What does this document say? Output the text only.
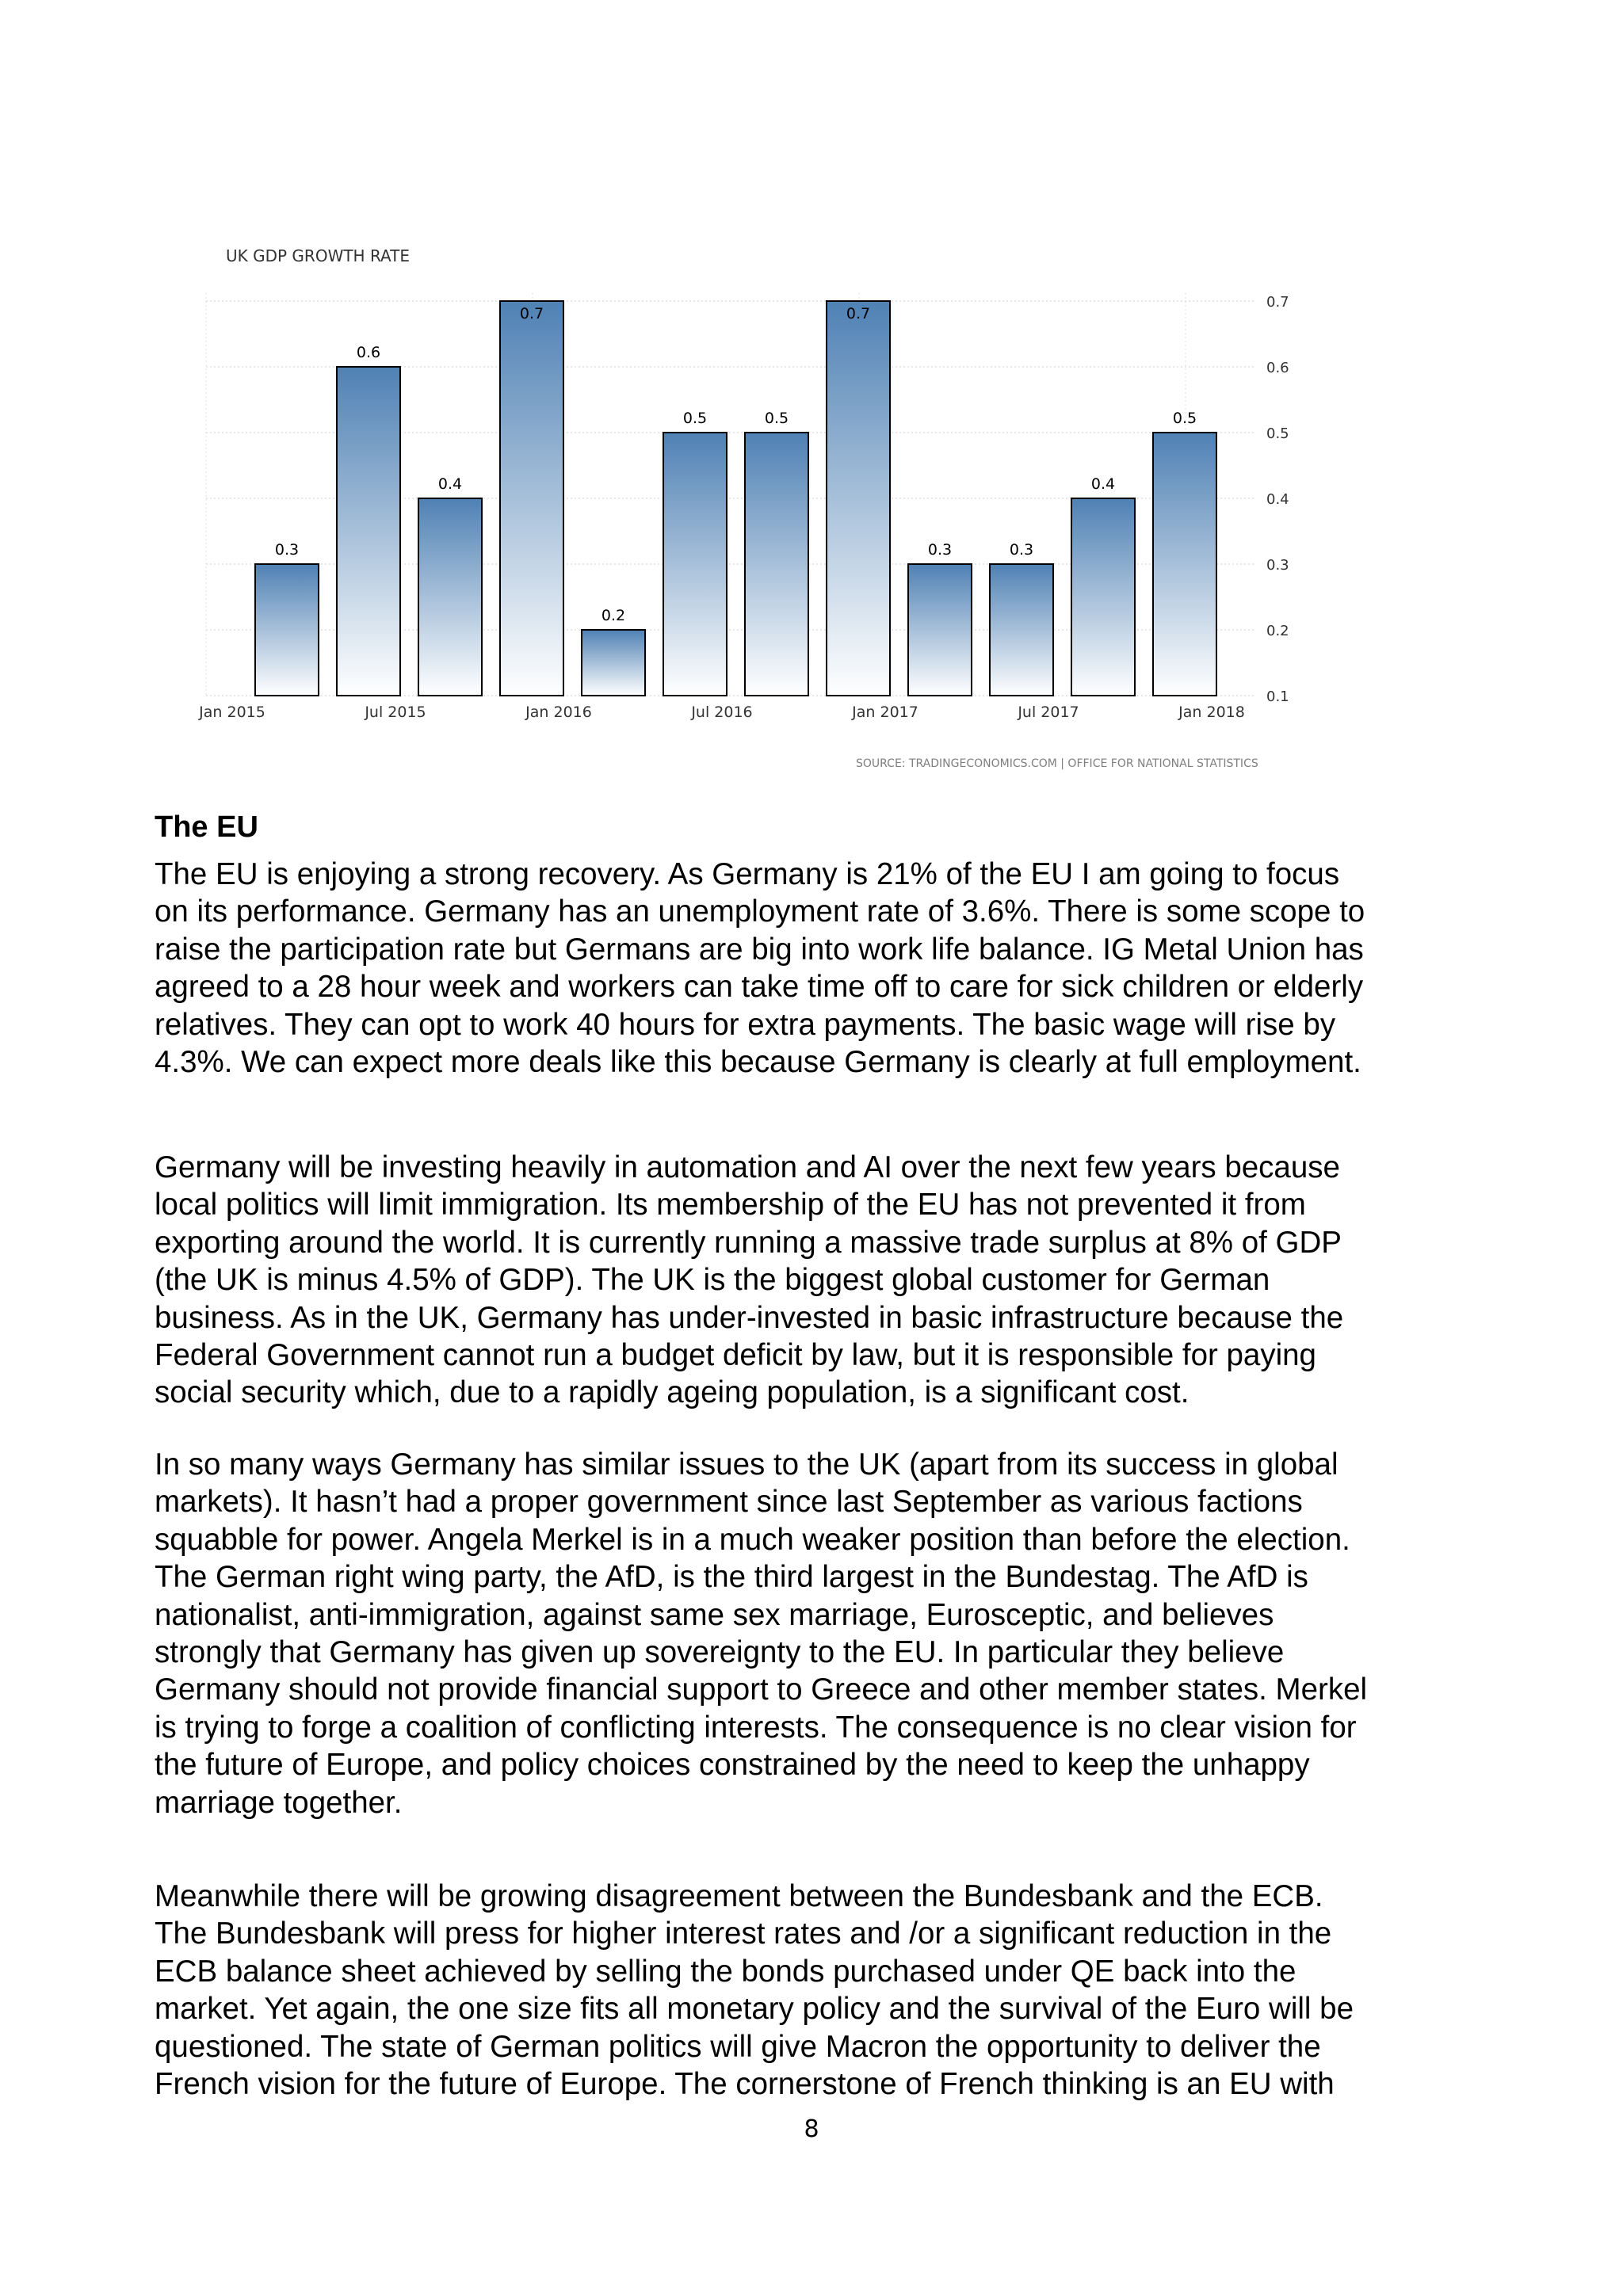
UK GDP GROWTH RATE
0.1
0.2
0.3
0.4
0.5
0.6
0.7
0.3
0.6
0.4
0.7
0.2
0.5	0.5
0.7
0.3	0.3
0.4
0.5
Jan 2015	Jul 2015	Jan 2016	Jul 2016	Jan 2017	Jul 2017	Jan 2018
SOURCE: TRADINGECONOMICS.COM | OFFICE FOR NATIONAL STATISTICS
The EU

The EU is enjoying a strong recovery. As Germany is 21% of the EU I am going to focus
on its performance. Germany has an unemployment rate of 3.6%. There is some scope to
raise the participation rate but Germans are big into work life balance. IG Metal Union has
agreed to a 28 hour week and workers can take time off to care for sick children or elderly
relatives. They can opt to work 40 hours for extra payments. The basic wage will rise by
4.3%. We can expect more deals like this because Germany is clearly at full employment.

Germany will be investing heavily in automation and AI over the next few years because
local politics will limit immigration. Its membership of the EU has not prevented it from
exporting around the world. It is currently running a massive trade surplus at 8% of GDP
(the UK is minus 4.5% of GDP). The UK is the biggest global customer for German
business. As in the UK, Germany has under-invested in basic infrastructure because the
Federal Government cannot run a budget deficit by law, but it is responsible for paying
social security which, due to a rapidly ageing population, is a significant cost.

In so many ways Germany has similar issues to the UK (apart from its success in global
markets). It hasn’t had a proper government since last September as various factions
squabble for power. Angela Merkel is in a much weaker position than before the election.
The German right wing party, the AfD, is the third largest in the Bundestag. The AfD is
nationalist, anti-immigration, against same sex marriage, Eurosceptic, and believes
strongly that Germany has given up sovereignty to the EU. In particular they believe
Germany should not provide financial support to Greece and other member states. Merkel
is trying to forge a coalition of conflicting interests. The consequence is no clear vision for
the future of Europe, and policy choices constrained by the need to keep the unhappy
marriage together.

Meanwhile there will be growing disagreement between the Bundesbank and the ECB.
The Bundesbank will press for higher interest rates and /or a significant reduction in the
ECB balance sheet achieved by selling the bonds purchased under QE back into the
market. Yet again, the one size fits all monetary policy and the survival of the Euro will be
questioned. The state of German politics will give Macron the opportunity to deliver the
French vision for the future of Europe. The cornerstone of French thinking is an EU with

8
